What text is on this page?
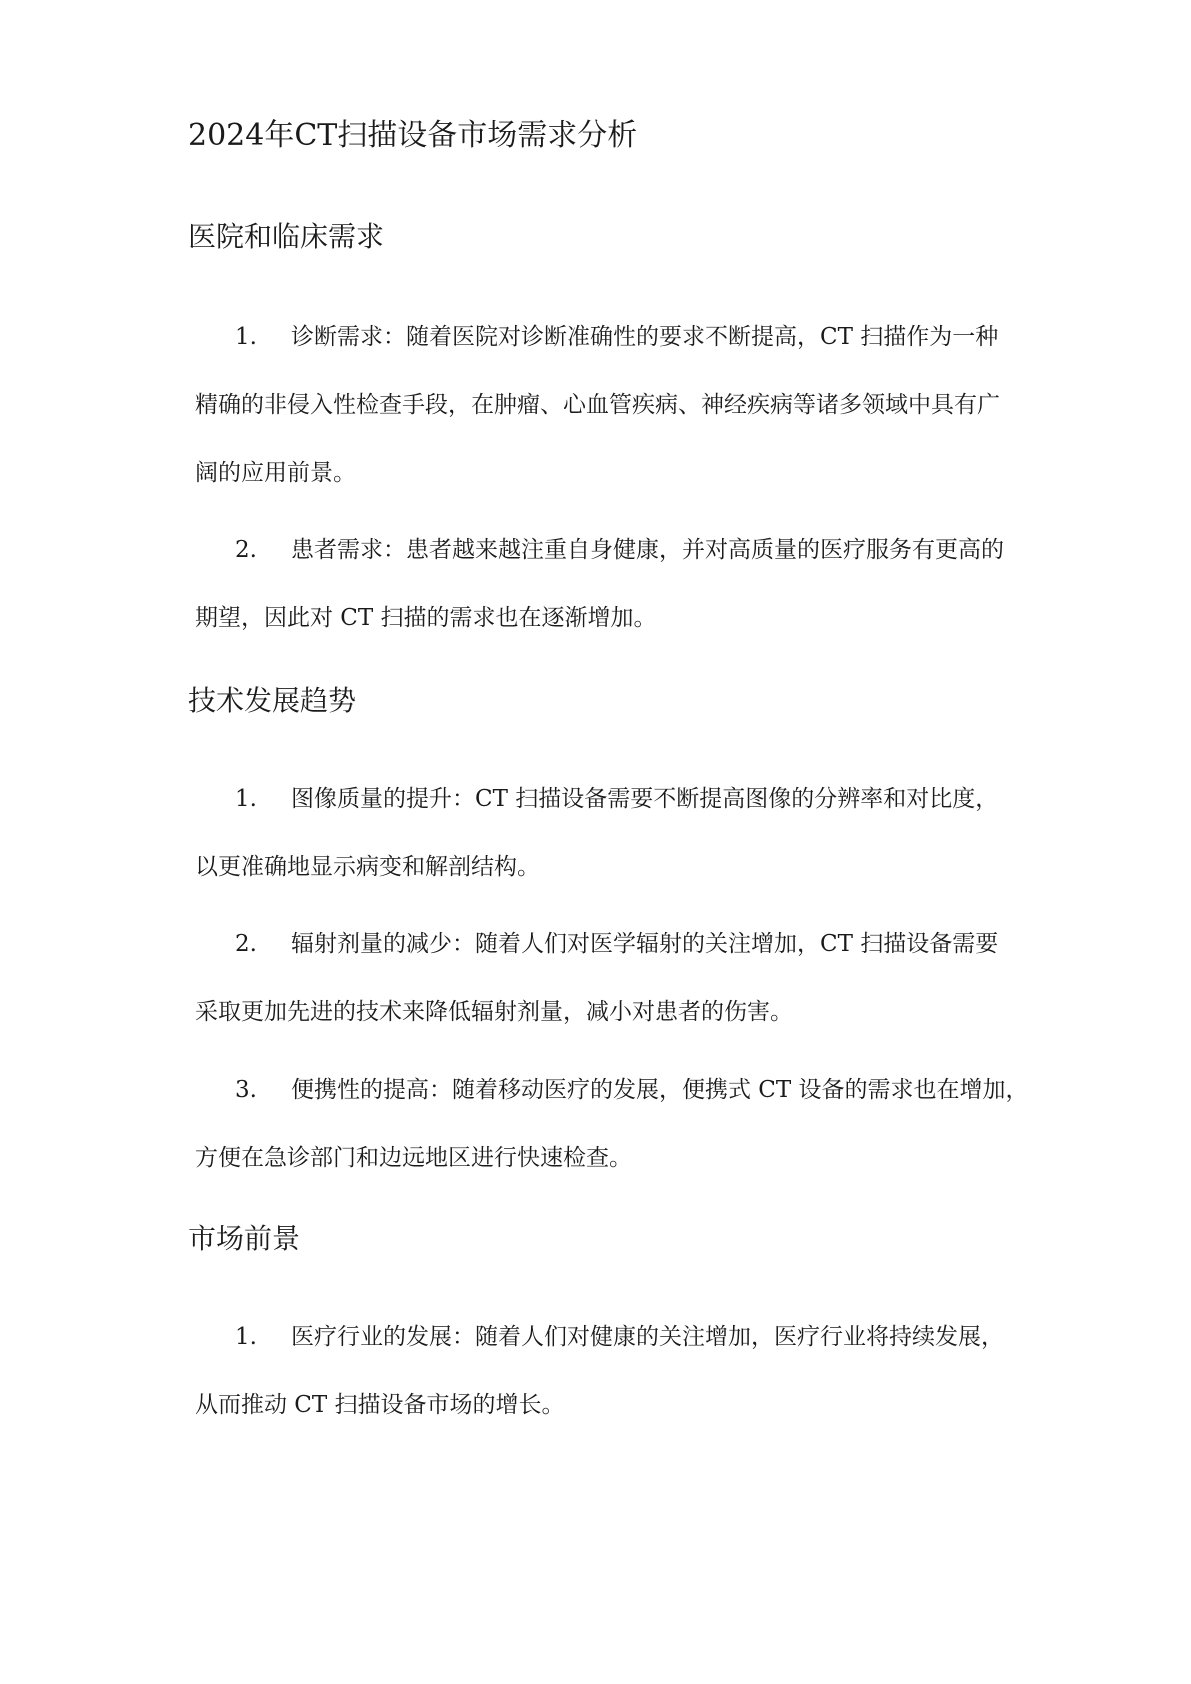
2024年CT扫描设备市场需求分析
医院和临床需求
1. 诊断需求：随着医院对诊断准确性的要求不断提高，CT 扫描作为一种
精确的非侵入性检查手段，在肿瘤、心血管疾病、神经疾病等诸多领域中具有广
阔的应用前景。
2. 患者需求：患者越来越注重自身健康，并对高质量的医疗服务有更高的
期望，因此对 CT 扫描的需求也在逐渐增加。
技术发展趋势
1. 图像质量的提升：CT 扫描设备需要不断提高图像的分辨率和对比度，
以更准确地显示病变和解剖结构。
2. 辐射剂量的减少：随着人们对医学辐射的关注增加，CT 扫描设备需要
采取更加先进的技术来降低辐射剂量，减小对患者的伤害。
3. 便携性的提高：随着移动医疗的发展，便携式 CT 设备的需求也在增加，
方便在急诊部门和边远地区进行快速检查。
市场前景
1. 医疗行业的发展：随着人们对健康的关注增加，医疗行业将持续发展，
从而推动 CT 扫描设备市场的增长。
